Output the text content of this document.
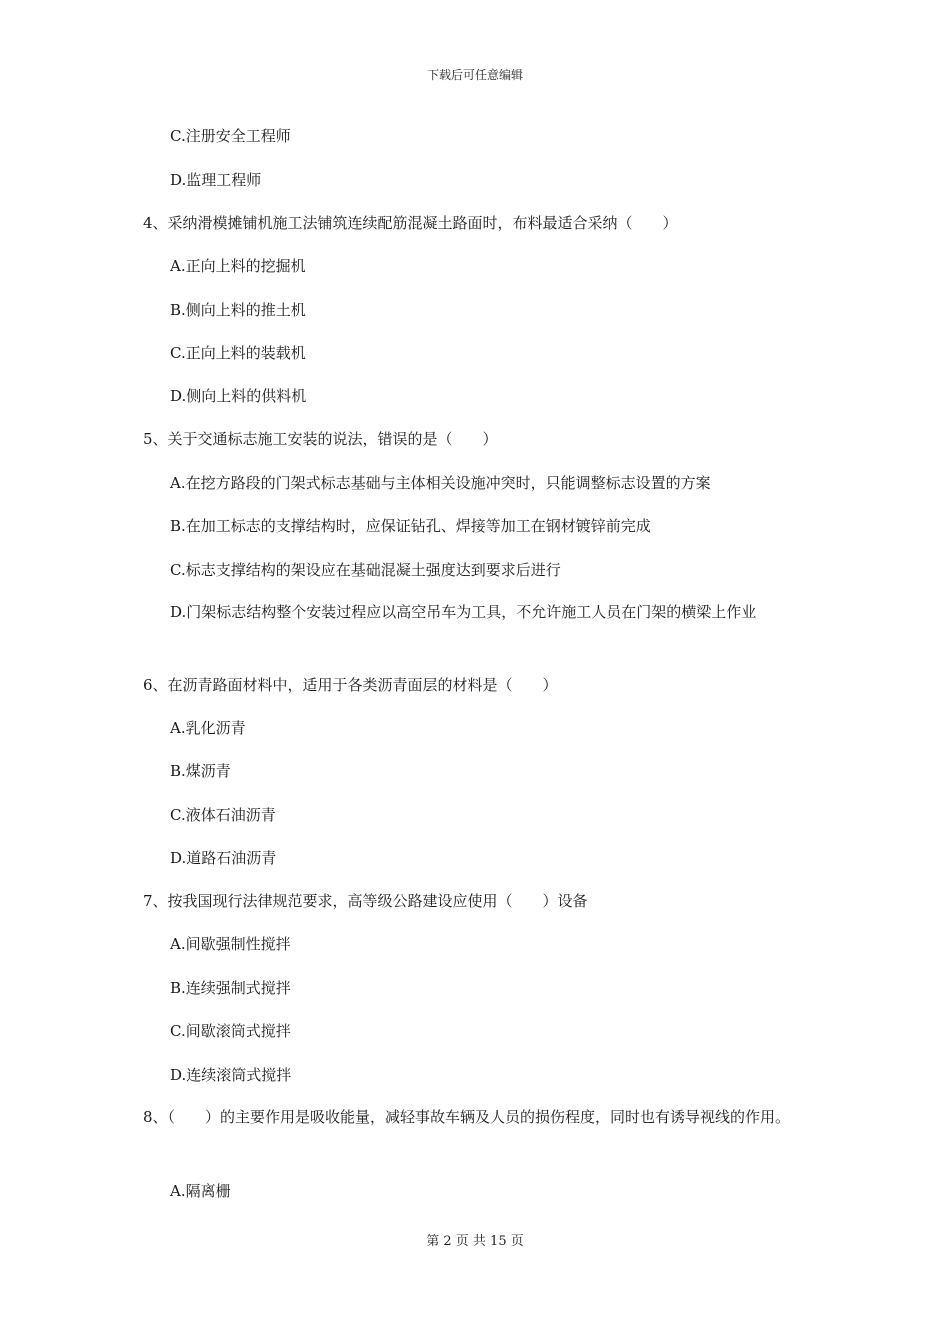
下载后可任意编辑
C.注册安全工程师
D.监理工程师
4、采纳滑模摊铺机施工法铺筑连续配筋混凝土路面时，布料最适合采纳（　　）
A.正向上料的挖掘机
B.侧向上料的推土机
C.正向上料的装载机
D.侧向上料的供料机
5、关于交通标志施工安装的说法，错误的是（　　）
A.在挖方路段的门架式标志基础与主体相关设施冲突时，只能调整标志设置的方案
B.在加工标志的支撑结构时，应保证钻孔、焊接等加工在钢材镀锌前完成
C.标志支撑结构的架设应在基础混凝土强度达到要求后进行
D.门架标志结构整个安装过程应以高空吊车为工具，不允许施工人员在门架的横梁上作业
6、在沥青路面材料中，适用于各类沥青面层的材料是（　　）
A.乳化沥青
B.煤沥青
C.液体石油沥青
D.道路石油沥青
7、按我国现行法律规范要求，高等级公路建设应使用（　　）设备
A.间歇强制性搅拌
B.连续强制式搅拌
C.间歇滚筒式搅拌
D.连续滚筒式搅拌
8、（　　）的主要作用是吸收能量，减轻事故车辆及人员的损伤程度，同时也有诱导视线的作用。
A.隔离栅
第 2 页 共 15 页
